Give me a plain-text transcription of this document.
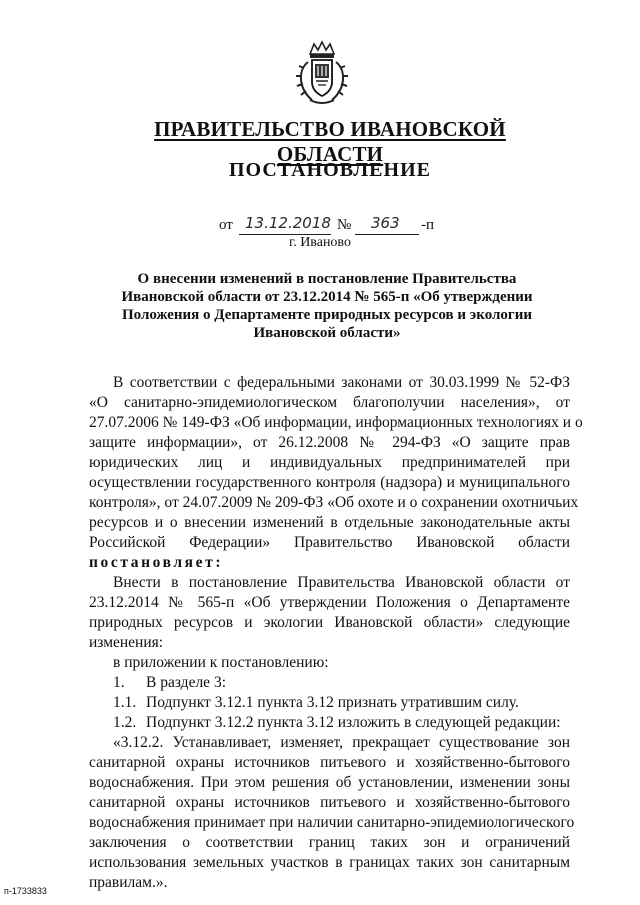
ПРАВИТЕЛЬСТВО ИВАНОВСКОЙ ОБЛАСТИ
ПОСТАНОВЛЕНИЕ
от 13.12.2018 № 363 -п
г. Иваново
О внесении изменений в постановление Правительства
Ивановской области от 23.12.2014 № 565-п «Об утверждении
Положения о Департаменте природных ресурсов и экологии
Ивановской области»
В соответствии с федеральными законами от 30.03.1999 № 52-ФЗ
«О санитарно-эпидемиологическом благополучии населения», от
27.07.2006 № 149-ФЗ «Об информации, информационных технологиях и о
защите информации», от 26.12.2008 № 294-ФЗ «О защите прав
юридических лиц и индивидуальных предпринимателей при
осуществлении государственного контроля (надзора) и муниципального
контроля», от 24.07.2009 № 209-ФЗ «Об охоте и о сохранении охотничьих
ресурсов и о внесении изменений в отдельные законодательные акты
Российской Федерации» Правительство Ивановской области
постановляет:
Внести в постановление Правительства Ивановской области от
23.12.2014 № 565-п «Об утверждении Положения о Департаменте
природных ресурсов и экологии Ивановской области» следующие
изменения:
в приложении к постановлению:
1. В разделе 3:
1.1. Подпункт 3.12.1 пункта 3.12 признать утратившим силу.
1.2. Подпункт 3.12.2 пункта 3.12 изложить в следующей редакции:
«3.12.2. Устанавливает, изменяет, прекращает существование зон
санитарной охраны источников питьевого и хозяйственно-бытового
водоснабжения. При этом решения об установлении, изменении зоны
санитарной охраны источников питьевого и хозяйственно-бытового
водоснабжения принимает при наличии санитарно-эпидемиологического
заключения о соответствии границ таких зон и ограничений
использования земельных участков в границах таких зон санитарным
правилам.».
п-1733833
